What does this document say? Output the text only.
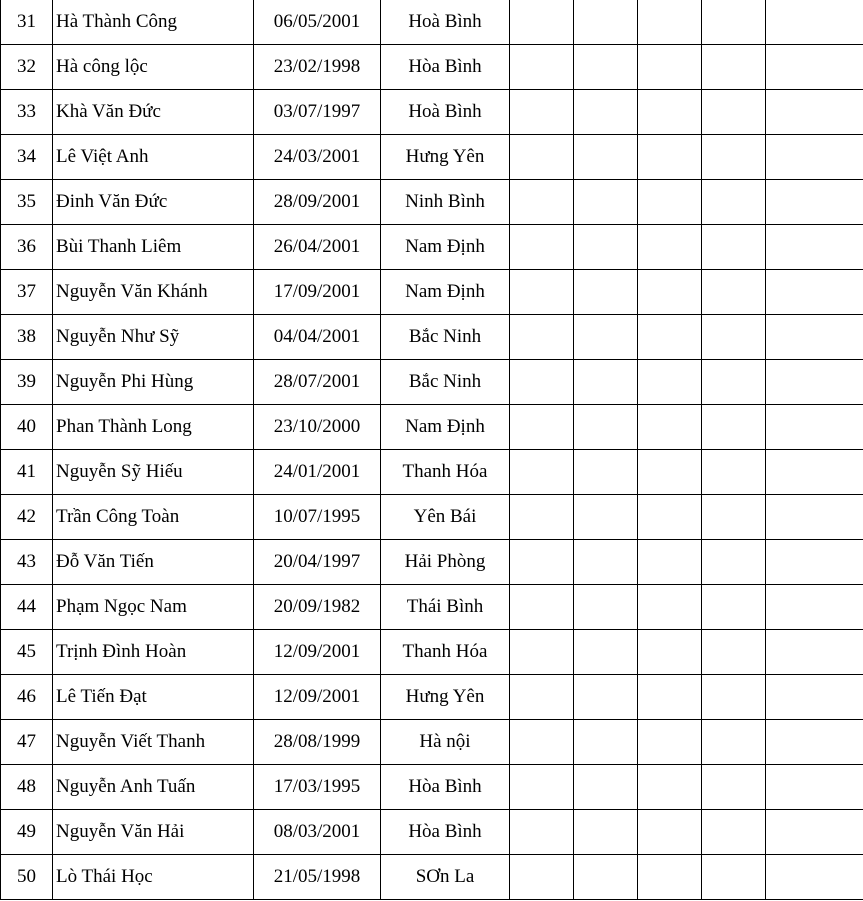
31	Hà Thành Công	06/05/2001	Hoà Bình					
32	Hà công lộc	23/02/1998	Hòa Bình					
33	Khà Văn Đức	03/07/1997	Hoà Bình					
34	Lê Việt Anh	24/03/2001	Hưng Yên					
35	Đinh Văn Đức	28/09/2001	Ninh Bình					
36	Bùi Thanh Liêm	26/04/2001	Nam Định					
37	Nguyễn Văn Khánh	17/09/2001	Nam Định					
38	Nguyễn Như Sỹ	04/04/2001	Bắc Ninh					
39	Nguyễn Phi Hùng	28/07/2001	Bắc Ninh					
40	Phan Thành Long	23/10/2000	Nam Định					
41	Nguyễn Sỹ Hiếu	24/01/2001	Thanh Hóa					
42	Trần Công Toàn	10/07/1995	Yên Bái					
43	Đỗ Văn Tiến	20/04/1997	Hải Phòng					
44	Phạm Ngọc Nam	20/09/1982	Thái Bình					
45	Trịnh Đình Hoàn	12/09/2001	Thanh Hóa					
46	Lê Tiến Đạt	12/09/2001	Hưng Yên					
47	Nguyễn Viết Thanh	28/08/1999	Hà nội					
48	Nguyễn Anh Tuấn	17/03/1995	Hòa Bình					
49	Nguyễn Văn Hải	08/03/2001	Hòa Bình					
50	Lò Thái Học	21/05/1998	SƠn La					
